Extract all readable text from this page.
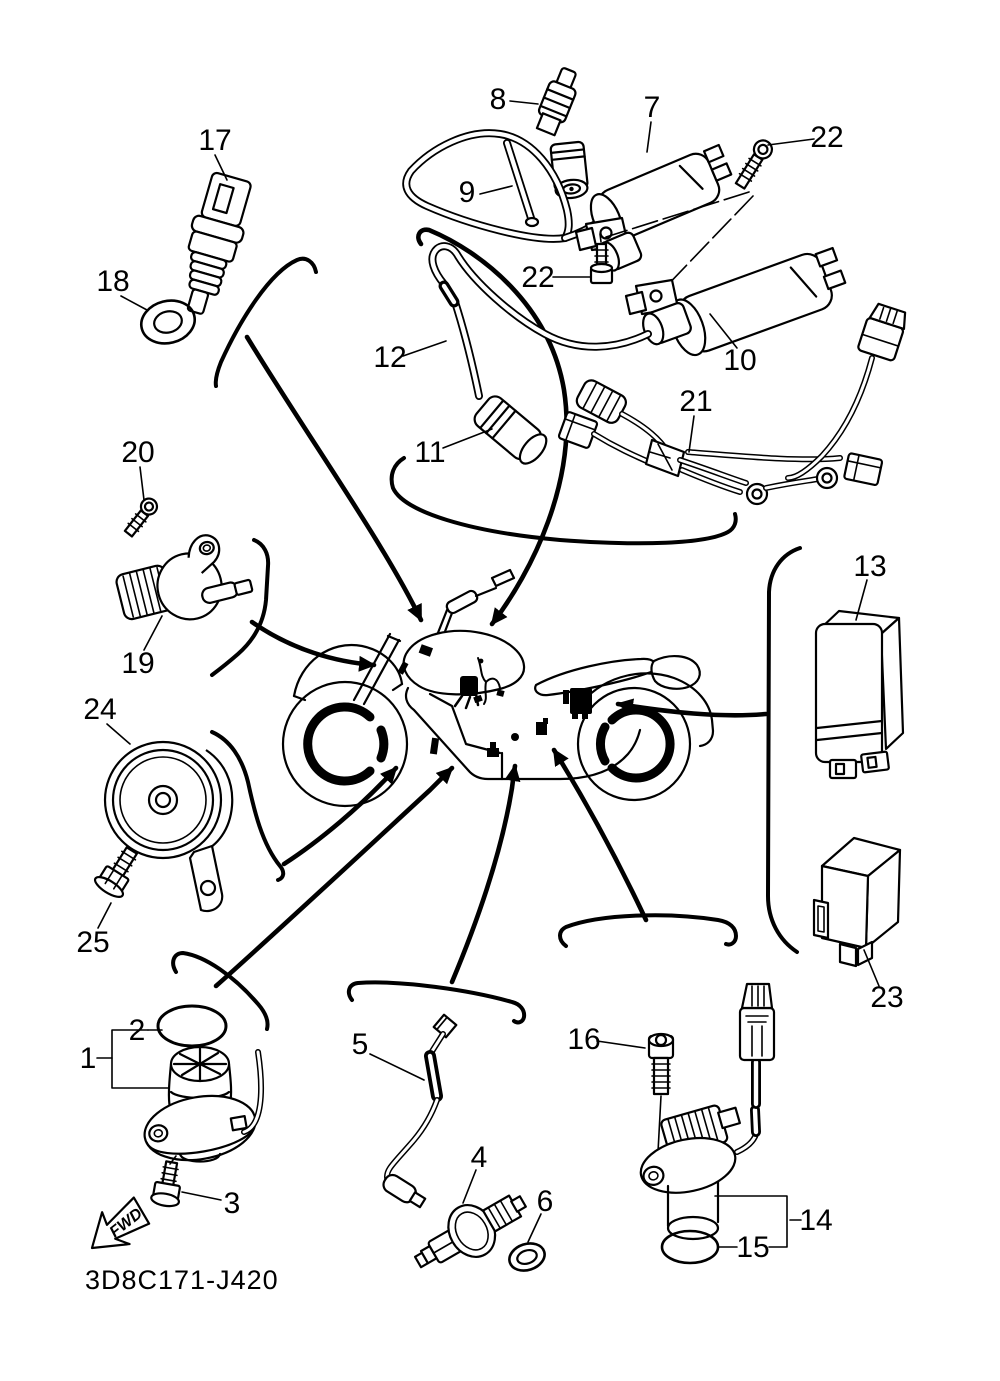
1
2
3
4
5
6
7
8
9
10
11
12
13
14
15
16
17
18
19
20
21
22
22
23
24
25
FWD
3D8C171-J420
